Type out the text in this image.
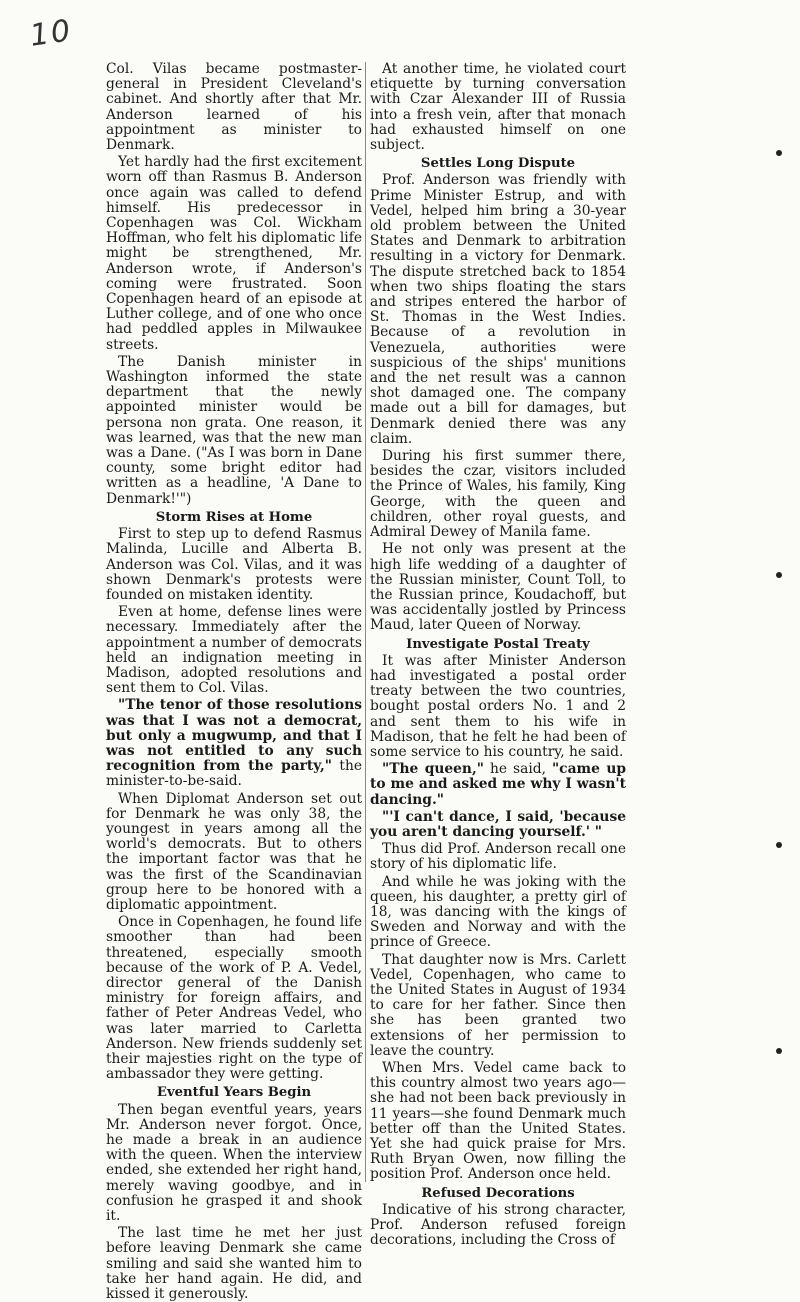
10

Col. Vilas became postmaster-general in President Cleveland's cabinet. And shortly after that Mr. Anderson learned of his appointment as minister to Denmark.

Yet hardly had the first excitement worn off than Rasmus B. Anderson once again was called to defend himself. His predecessor in Copenhagen was Col. Wickham Hoffman, who felt his diplomatic life might be strengthened, Mr. Anderson wrote, if Anderson's coming were frustrated. Soon Copenhagen heard of an episode at Luther college, and of one who once had peddled apples in Milwaukee streets.

The Danish minister in Washington informed the state department that the newly appointed minister would be persona non grata. One reason, it was learned, was that the new man was a Dane. ("As I was born in Dane county, some bright editor had written as a headline, 'A Dane to Denmark!'")

Storm Rises at Home

First to step up to defend Rasmus Malinda, Lucille and Alberta B. Anderson was Col. Vilas, and it was shown Denmark's protests were founded on mistaken identity.

Even at home, defense lines were necessary. Immediately after the appointment a number of democrats held an indignation meeting in Madison, adopted resolutions and sent them to Col. Vilas.

"The tenor of those resolutions was that I was not a democrat, but only a mugwump, and that I was not entitled to any such recognition from the party," the minister-to-be-said.

When Diplomat Anderson set out for Denmark he was only 38, the youngest in years among all the world's democrats. But to others the important factor was that he was the first of the Scandinavian group here to be honored with a diplomatic appointment.

Once in Copenhagen, he found life smoother than had been threatened, especially smooth because of the work of P. A. Vedel, director general of the Danish ministry for foreign affairs, and father of Peter Andreas Vedel, who was later married to Carletta Anderson. New friends suddenly set their majesties right on the type of ambassador they were getting.

Eventful Years Begin

Then began eventful years, years Mr. Anderson never forgot. Once, he made a break in an audience with the queen. When the interview ended, she extended her right hand, merely waving goodbye, and in confusion he grasped it and shook it.

The last time he met her just before leaving Denmark she came smiling and said she wanted him to take her hand again. He did, and kissed it generously.

At another time, he violated court etiquette by turning conversation with Czar Alexander III of Russia into a fresh vein, after that monach had exhausted himself on one subject.

Settles Long Dispute

Prof. Anderson was friendly with Prime Minister Estrup, and with Vedel, helped him bring a 30-year old problem between the United States and Denmark to arbitration resulting in a victory for Denmark. The dispute stretched back to 1854 when two ships floating the stars and stripes entered the harbor of St. Thomas in the West Indies. Because of a revolution in Venezuela, authorities were suspicious of the ships' munitions and the net result was a cannon shot damaged one. The company made out a bill for damages, but Denmark denied there was any claim.

During his first summer there, besides the czar, visitors included the Prince of Wales, his family, King George, with the queen and children, other royal guests, and Admiral Dewey of Manila fame.

He not only was present at the high life wedding of a daughter of the Russian minister, Count Toll, to the Russian prince, Koudachoff, but was accidentally jostled by Princess Maud, later Queen of Norway.

Investigate Postal Treaty

It was after Minister Anderson had investigated a postal order treaty between the two countries, bought postal orders No. 1 and 2 and sent them to his wife in Madison, that he felt he had been of some service to his country, he said.

"The queen," he said, "came up to me and asked me why I wasn't dancing."

"'I can't dance, I said, 'because you aren't dancing yourself.' "

Thus did Prof. Anderson recall one story of his diplomatic life.

And while he was joking with the queen, his daughter, a pretty girl of 18, was dancing with the kings of Sweden and Norway and with the prince of Greece.

That daughter now is Mrs. Carlett Vedel, Copenhagen, who came to the United States in August of 1934 to care for her father. Since then she has been granted two extensions of her permission to leave the country.

When Mrs. Vedel came back to this country almost two years ago— she had not been back previously in 11 years—she found Denmark much better off than the United States. Yet she had quick praise for Mrs. Ruth Bryan Owen, now filling the position Prof. Anderson once held.

Refused Decorations

Indicative of his strong character, Prof. Anderson refused foreign decorations, including the Cross of
